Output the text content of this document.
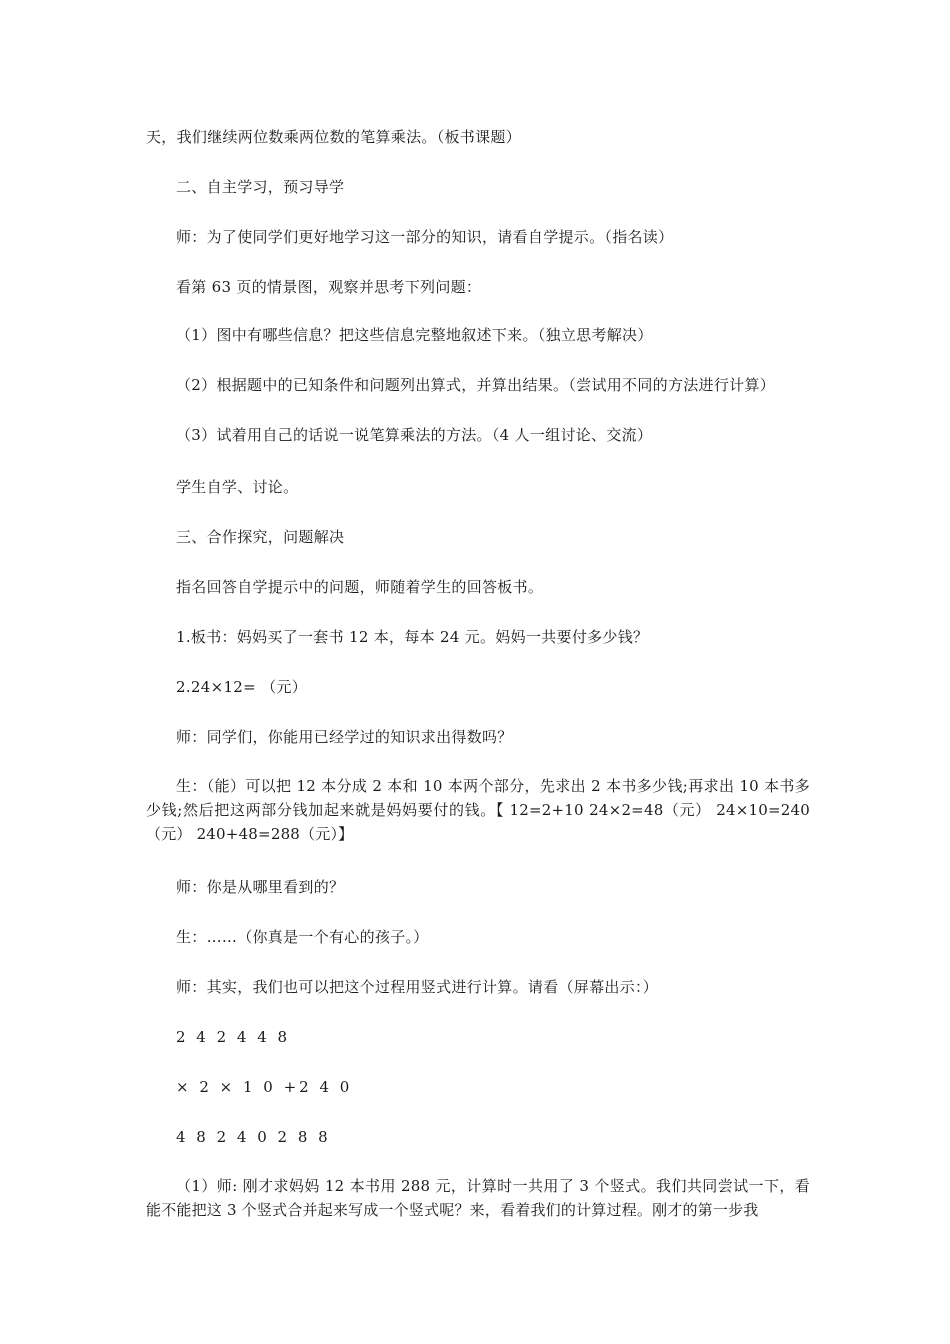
天，我们继续两位数乘两位数的笔算乘法。（板书课题）
二、自主学习，预习导学
师：为了使同学们更好地学习这一部分的知识，请看自学提示。（指名读）
看第 63 页的情景图，观察并思考下列问题：
（1）图中有哪些信息？把这些信息完整地叙述下来。（独立思考解决）
（2）根据题中的已知条件和问题列出算式，并算出结果。（尝试用不同的方法进行计算）
（3）试着用自己的话说一说笔算乘法的方法。（4 人一组讨论、交流）
学生自学、讨论。
三、合作探究，问题解决
指名回答自学提示中的问题，师随着学生的回答板书。
1.板书：妈妈买了一套书 12 本，每本 24 元。妈妈一共要付多少钱？
2.24×12= （元）
师：同学们，你能用已经学过的知识求出得数吗？
生：（能）可以把 12 本分成 2 本和 10 本两个部分，先求出 2 本书多少钱;再求出 10 本书多少钱;然后把这两部分钱加起来就是妈妈要付的钱。【 12=2+10 24×2=48（元） 24×10=240（元） 240+48=288（元）】
师：你是从哪里看到的？
生：……（你真是一个有心的孩子。）
师：其实，我们也可以把这个过程用竖式进行计算。请看（屏幕出示：）
2 4 2 4 4 8
× 2 × 1 0 +2 4 0
4 8 2 4 0 2 8 8
（1）师: 刚才求妈妈 12 本书用 288 元，计算时一共用了 3 个竖式。我们共同尝试一下，看能不能把这 3 个竖式合并起来写成一个竖式呢？来，看着我们的计算过程。刚才的第一步我
